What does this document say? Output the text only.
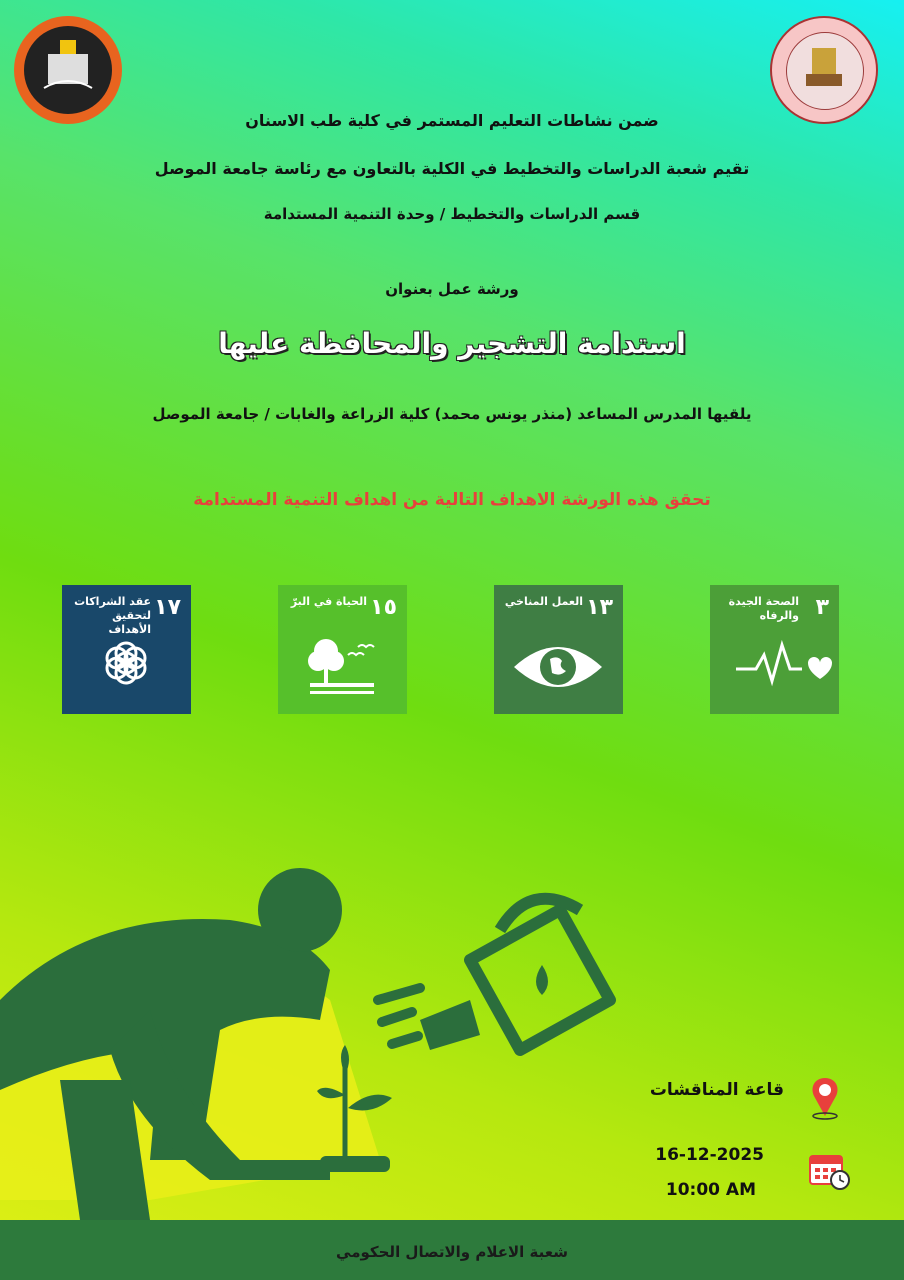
ضمن نشاطات التعليم المستمر في كلية طب الاسنان
تقيم شعبة الدراسات والتخطيط في الكلية بالتعاون مع رئاسة جامعة الموصل
قسم الدراسات والتخطيط / وحدة التنمية المستدامة
ورشة عمل بعنوان
استدامة التشجير والمحافظة عليها
يلقيها المدرس المساعد (منذر يونس محمد) كلية الزراعة والغابات / جامعة الموصل
تحقق هذه الورشة الاهداف التالية من اهداف التنمية المستدامة
٣
الصحة الجيدة والرفاه
١٣
العمل المناخي
١٥
الحياة في البرّ
١٧
عقد الشراكات لتحقيق الأهداف
قاعة المناقشات
16-12-2025
10:00 AM
شعبة الاعلام والاتصال الحكومي
